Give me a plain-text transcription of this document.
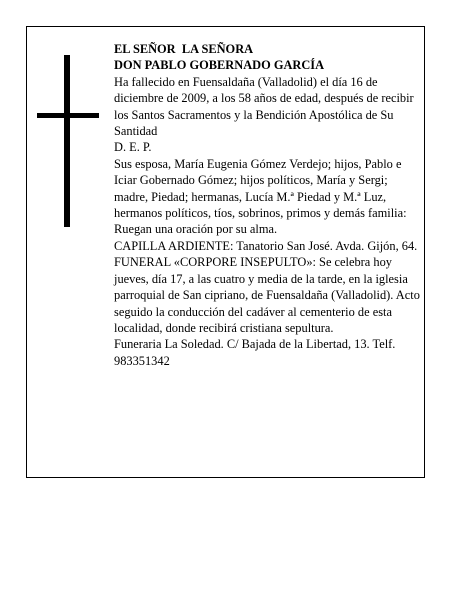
EL SEÑOR  LA SEÑORA

DON PABLO GOBERNADO GARCÍA

Ha fallecido en Fuensaldaña (Valladolid) el día 16 de diciembre de 2009, a los 58 años de edad, después de recibir los Santos Sacramentos y la Bendición Apostólica de Su Santidad

D. E. P.

Sus esposa, María Eugenia Gómez Verdejo; hijos, Pablo e Iciar Gobernado Gómez; hijos políticos, María y Sergi; madre, Piedad; hermanas, Lucía M.ª Piedad y M.ª Luz, hermanos políticos, tíos, sobrinos, primos y demás familia:

Ruegan una oración por su alma.

CAPILLA ARDIENTE: Tanatorio San José. Avda. Gijón, 64.

FUNERAL «CORPORE INSEPULTO»: Se celebra hoy jueves, día 17, a las cuatro y media de la tarde, en la iglesia parroquial de San cipriano, de Fuensaldaña (Valladolid). Acto seguido la conducción del cadáver al cementerio de esta localidad, donde recibirá cristiana sepultura.

Funeraria La Soledad. C/ Bajada de la Libertad, 13. Telf. 983351342
